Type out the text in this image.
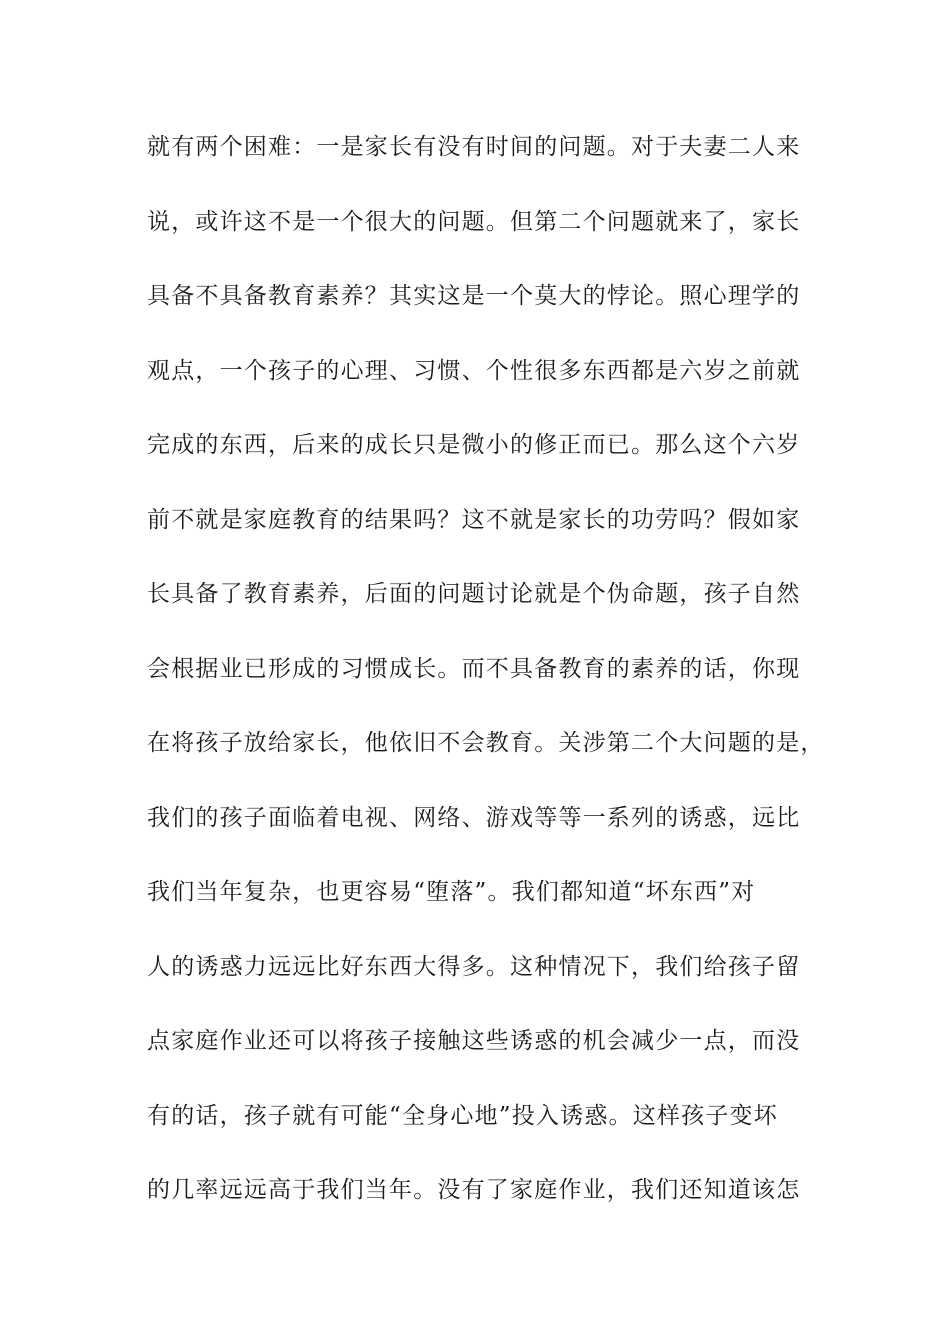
就有两个困难：一是家长有没有时间的问题。对于夫妻二人来
说，或许这不是一个很大的问题。但第二个问题就来了，家长
具备不具备教育素养？其实这是一个莫大的悖论。照心理学的
观点，一个孩子的心理、习惯、个性很多东西都是六岁之前就
完成的东西，后来的成长只是微小的修正而已。那么这个六岁
前不就是家庭教育的结果吗？这不就是家长的功劳吗？假如家
长具备了教育素养，后面的问题讨论就是个伪命题，孩子自然
会根据业已形成的习惯成长。而不具备教育的素养的话，你现
在将孩子放给家长，他依旧不会教育。关涉第二个大问题的是，
我们的孩子面临着电视、网络、游戏等等一系列的诱惑，远比
我们当年复杂，也更容易“堕落”。我们都知道“坏东西”对
人的诱惑力远远比好东西大得多。这种情况下，我们给孩子留
点家庭作业还可以将孩子接触这些诱惑的机会减少一点，而没
有的话，孩子就有可能“全身心地”投入诱惑。这样孩子变坏
的几率远远高于我们当年。没有了家庭作业，我们还知道该怎
